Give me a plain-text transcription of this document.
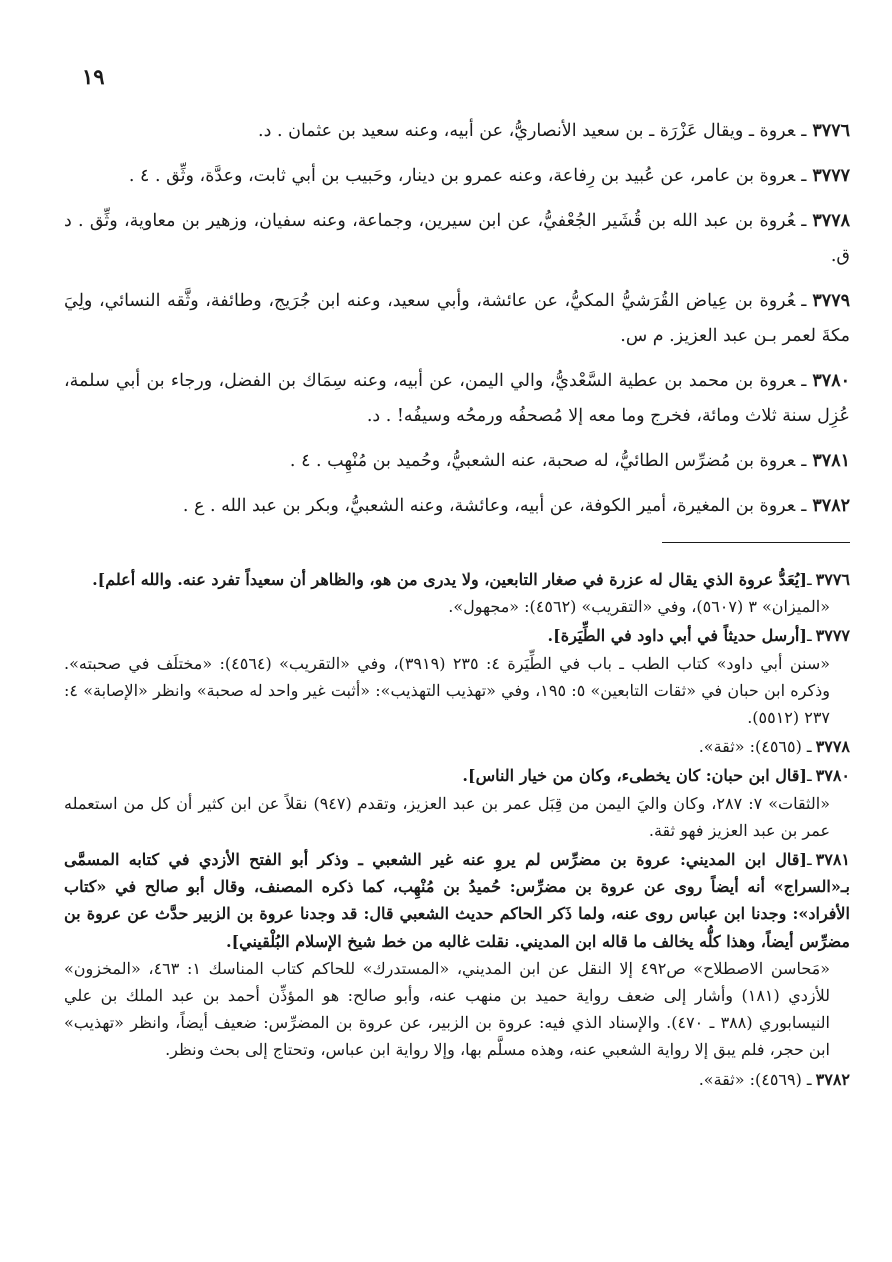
١٩

٣٧٧٦ـعروة ـ ويقال عَزْرَة ـ بن سعيد الأنصاريُّ، عن أبيه، وعنه سعيد بن عثمان . د.

٣٧٧٧ـعروة بن عامر، عن عُبيد بن رِفاعة، وعنه عمرو بن دينار، وحَبيب بن أبي ثابت، وعدَّة، وثِّق . ٤ .

٣٧٧٨ـعُروة بن عبد الله بن قُشَير الجُعْفيُّ، عن ابن سيرين، وجماعة، وعنه سفيان، وزهير بن معاوية، وثِّق . د ق.

٣٧٧٩ـعُروة بن عِياض القُرَشيُّ المكيُّ، عن عائشة، وأبي سعيد، وعنه ابن جُرَيج، وطائفة، وثَّقه النسائي، ولِيَ مكةَ لعمر بـن عبد العزيز. م س.

٣٧٨٠ـعروة بن محمد بن عطية السَّعْديُّ، والي اليمن، عن أبيه، وعنه سِمَاك بن الفضل، ورجاء بن أبي سلمة، عُزِل سنة ثلاث ومائة، فخرج وما معه إلا مُصحفُه ورمحُه وسيفُه! . د.

٣٧٨١ـعروة بن مُضرِّس الطائيُّ، له صحبة، عنه الشعبيُّ، وحُميد بن مُنْهِب . ٤ .

٣٧٨٢ـعروة بن المغيرة، أمير الكوفة، عن أبيه، وعائشة، وعنه الشعبيُّ، وبكر بن عبد الله . ع .

٣٧٧٦ـ[يُعَدُّ عروة الذي يقال له عزرة في صغار التابعين، ولا يدرى من هو، والظاهر أن سعيداً تفرد عنه. والله أعلم].
«الميزان» ٣ (٥٦٠٧)، وفي «التقريب» (٤٥٦٢): «مجهول».
٣٧٧٧ـ[أرسل حديثاً في أبي داود في الطِّيَرة].
«سنن أبي داود» كتاب الطب ـ باب في الطِّيَرة ٤: ٢٣٥ (٣٩١٩)، وفي «التقريب» (٤٥٦٤): «مختلَف في صحبته». وذكره ابن حبان في «ثقات التابعين» ٥: ١٩٥، وفي «تهذيب التهذيب»: «أثبت غير واحد له صحبة» وانظر «الإصابة» ٤: ٢٣٧ (٥٥١٢).
٣٧٧٨ـ (٤٥٦٥): «ثقة».
٣٧٨٠ـ[قال ابن حبان: كان يخطىء، وكان من خيار الناس].
«الثقات» ٧: ٢٨٧، وكان واليَ اليمن من قِبَل عمر بن عبد العزيز، وتقدم (٩٤٧) نقلاً عن ابن كثير أن كل من استعمله عمر بن عبد العزيز فهو ثقة.
٣٧٨١ـ[قال ابن المديني: عروة بن مضرِّس لم يروِ عنه غير الشعبي ـ وذكر أبو الفتح الأزدي في كتابه المسمَّى بـ«السراج» أنه أيضاً روى عن عروة بن مضرِّس: حُميدُ بن مُنْهِب، كما ذكره المصنف، وقال أبو صالح في «كتاب الأفراد»: وجدنا ابن عباس روى عنه، ولما ذَكر الحاكم حديث الشعبي قال: قد وجدنا عروة بن الزبير حدَّث عن عروة بن مضرِّس أيضاً، وهذا كلُّه يخالف ما قاله ابن المديني. نقلت غالبه من خط شيخ الإسلام البُلْقيني].
«مَحاسن الاصطلاح» ص٤٩٢ إلا النقل عن ابن المديني، «المستدرك» للحاكم كتاب المناسك ١: ٤٦٣، «المخزون» للأزدي (١٨١) وأشار إلى ضعف رواية حميد بن منهب عنه، وأبو صالح: هو المؤذِّن أحمد بن عبد الملك بن علي النيسابوري (٣٨٨ ـ ٤٧٠). والإسناد الذي فيه: عروة بن الزبير، عن عروة بن المضرِّس: ضعيف أيضاً، وانظر «تهذيب» ابن حجر، فلم يبق إلا رواية الشعبي عنه، وهذه مسلَّم بها، وإلا رواية ابن عباس، وتحتاج إلى بحث ونظر.
٣٧٨٢ـ (٤٥٦٩): «ثقة».
